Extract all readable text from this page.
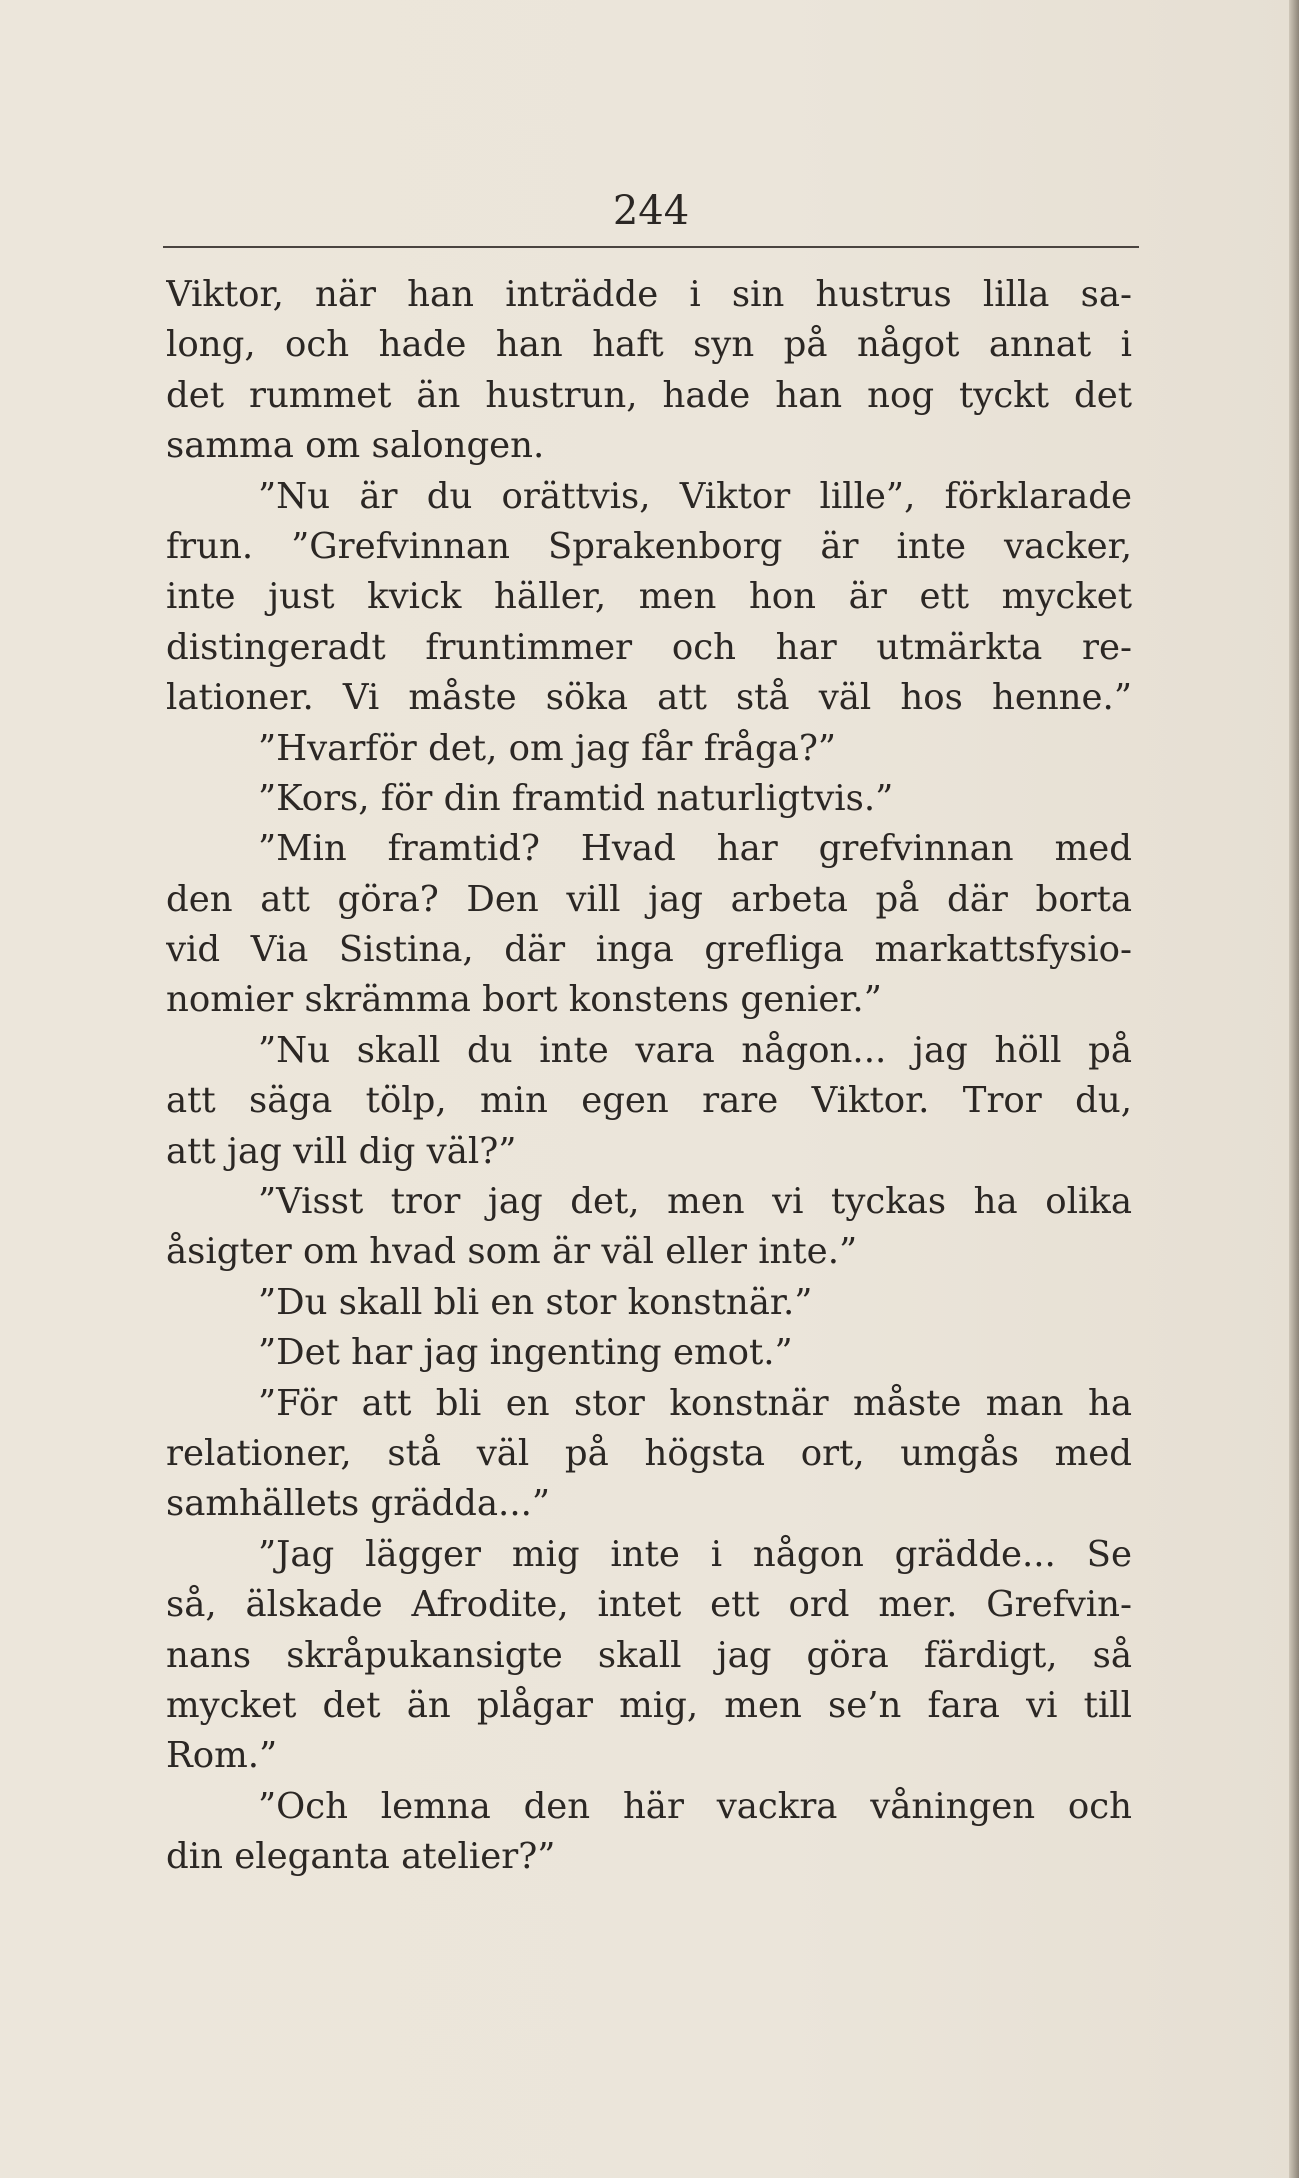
244
Viktor, när han inträdde i sin hustrus lilla sa-
long, och hade han haft syn på något annat i
det rummet än hustrun, hade han nog tyckt det
samma om salongen.
”Nu är du orättvis, Viktor lille”, förklarade
frun. ”Grefvinnan Sprakenborg är inte vacker,
inte just kvick häller, men hon är ett mycket
distingeradt fruntimmer och har utmärkta re-
lationer. Vi måste söka att stå väl hos henne.”
”Hvarför det, om jag får fråga?”
”Kors, för din framtid naturligtvis.”
”Min framtid? Hvad har grefvinnan med
den att göra? Den vill jag arbeta på där borta
vid Via Sistina, där inga grefliga markattsfysio-
nomier skrämma bort konstens genier.”
”Nu skall du inte vara någon... jag höll på
att säga tölp, min egen rare Viktor. Tror du,
att jag vill dig väl?”
”Visst tror jag det, men vi tyckas ha olika
åsigter om hvad som är väl eller inte.”
”Du skall bli en stor konstnär.”
”Det har jag ingenting emot.”
”För att bli en stor konstnär måste man ha
relationer, stå väl på högsta ort, umgås med
samhällets grädda...”
”Jag lägger mig inte i någon grädde... Se
så, älskade Afrodite, intet ett ord mer. Grefvin-
nans skråpukansigte skall jag göra färdigt, så
mycket det än plågar mig, men se’n fara vi till
Rom.”
”Och lemna den här vackra våningen och
din eleganta atelier?”
